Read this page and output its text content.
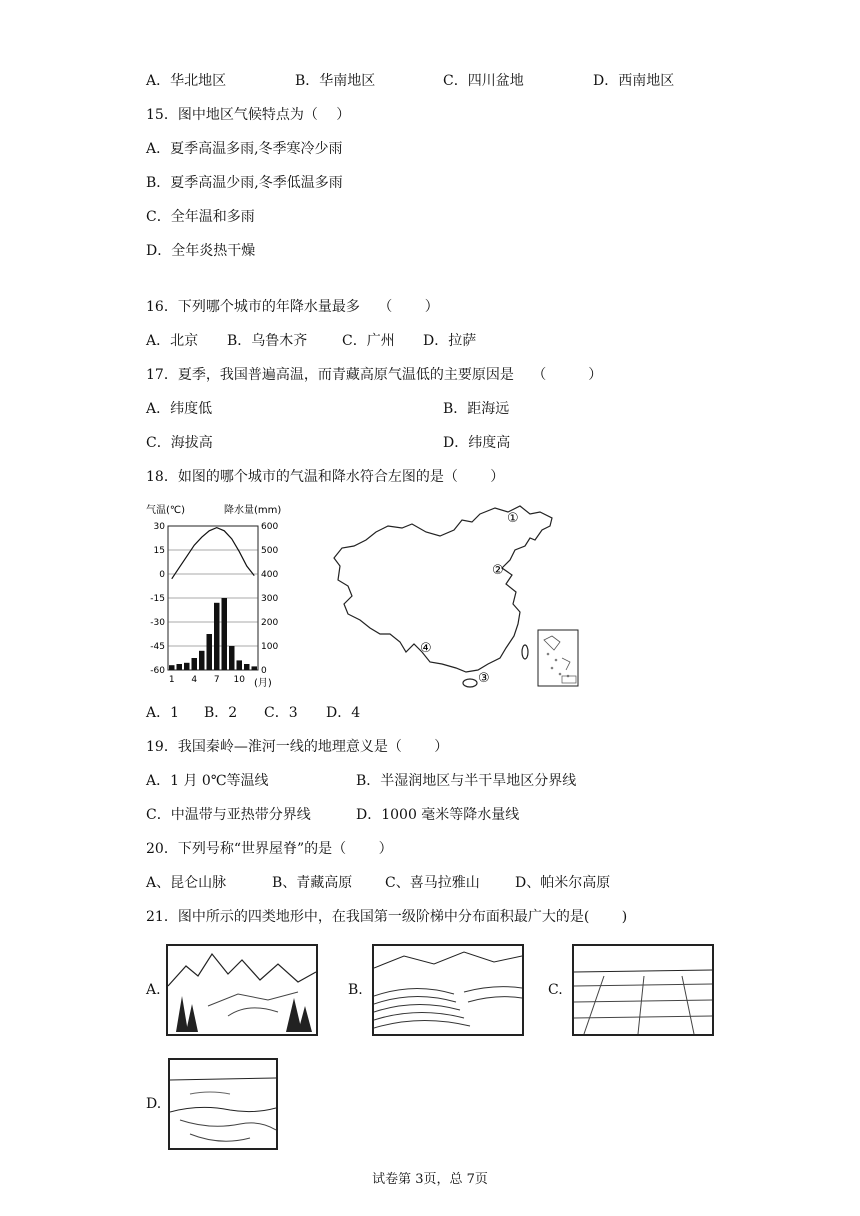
A．华北地区	B．华南地区	C．四川盆地	D．西南地区
15．图中地区气候特点为（　 ）
A．夏季高温多雨,冬季寒冷少雨
B．夏季高温少雨,冬季低温多雨
C．全年温和多雨
D．全年炎热干燥
16．下列哪个城市的年降水量最多　 （　　 ）
A．北京 B．乌鲁木齐 C．广州 D．拉萨
17．夏季，我国普遍高温，而青藏高原气温低的主要原因是　 （　　　）
A．纬度低	B．距海远
C．海拔高	D．纬度高
18．如图的哪个城市的气温和降水符合左图的是（　　 ）
气温(℃)	降水量(mm)
30
15
0
-15
-30
-45
-60
600
500
400
300
200
100
0
1 4 7 10 (月)
①
②
③
④
A．1 B．2 C．3 D．4
19．我国秦岭—淮河一线的地理意义是（　　 ）
A．1 月 0℃等温线	B．半湿润地区与半干旱地区分界线
C．中温带与亚热带分界线	D．1000 毫米等降水量线
20．下列号称“世界屋脊”的是（　　 ）
A、昆仑山脉	B、青藏高原 C、喜马拉雅山	D、帕米尔高原
21．图中所示的四类地形中，在我国第一级阶梯中分布面积最广大的是(　　 )
A.	B.	C.
D.
试卷第 3页，总 7页
